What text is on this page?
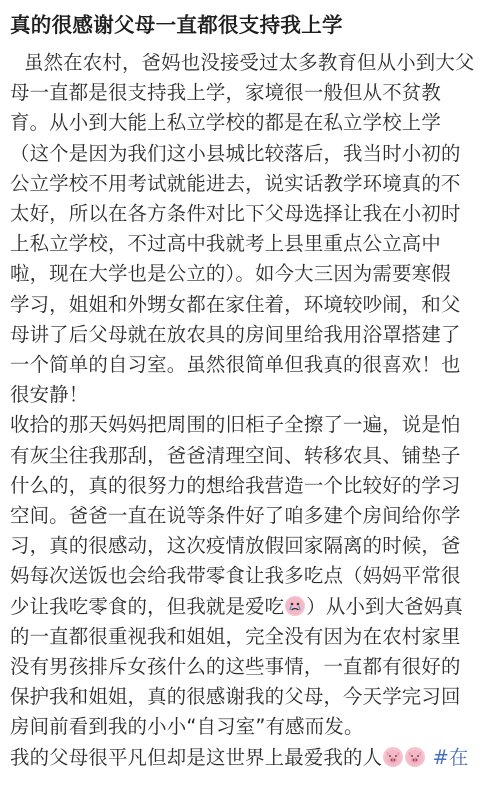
真的很感谢父母一直都很支持我上学

虽然在农村，爸妈也没接受过太多教育但从小到大父
母一直都是很支持我上学，家境很一般但从不贫教
育。从小到大能上私立学校的都是在私立学校上学
（这个是因为我们这小县城比较落后，我当时小初的
公立学校不用考试就能进去，说实话教学环境真的不
太好，所以在各方条件对比下父母选择让我在小初时
上私立学校，不过高中我就考上县里重点公立高中
啦，现在大学也是公立的）。如今大三因为需要寒假
学习，姐姐和外甥女都在家住着，环境较吵闹，和父
母讲了后父母就在放农具的房间里给我用浴罩搭建了
一个简单的自习室。虽然很简单但我真的很喜欢！也
很安静！

收拾的那天妈妈把周围的旧柜子全擦了一遍，说是怕
有灰尘往我那刮，爸爸清理空间、转移农具、铺垫子
什么的，真的很努力的想给我营造一个比较好的学习
空间。爸爸一直在说等条件好了咱多建个房间给你学
习，真的很感动，这次疫情放假回家隔离的时候，爸
妈每次送饭也会给我带零食让我多吃点（妈妈平常很
少让我吃零食的，但我就是爱吃 ）从小到大爸妈真
的一直都很重视我和姐姐，完全没有因为在农村家里
没有男孩排斥女孩什么的这些事情，一直都有很好的
保护我和姐姐，真的很感谢我的父母，今天学完习回
房间前看到我的小小“自习室”有感而发。

我的父母很平凡但却是这世界上最爱我的人	#在
